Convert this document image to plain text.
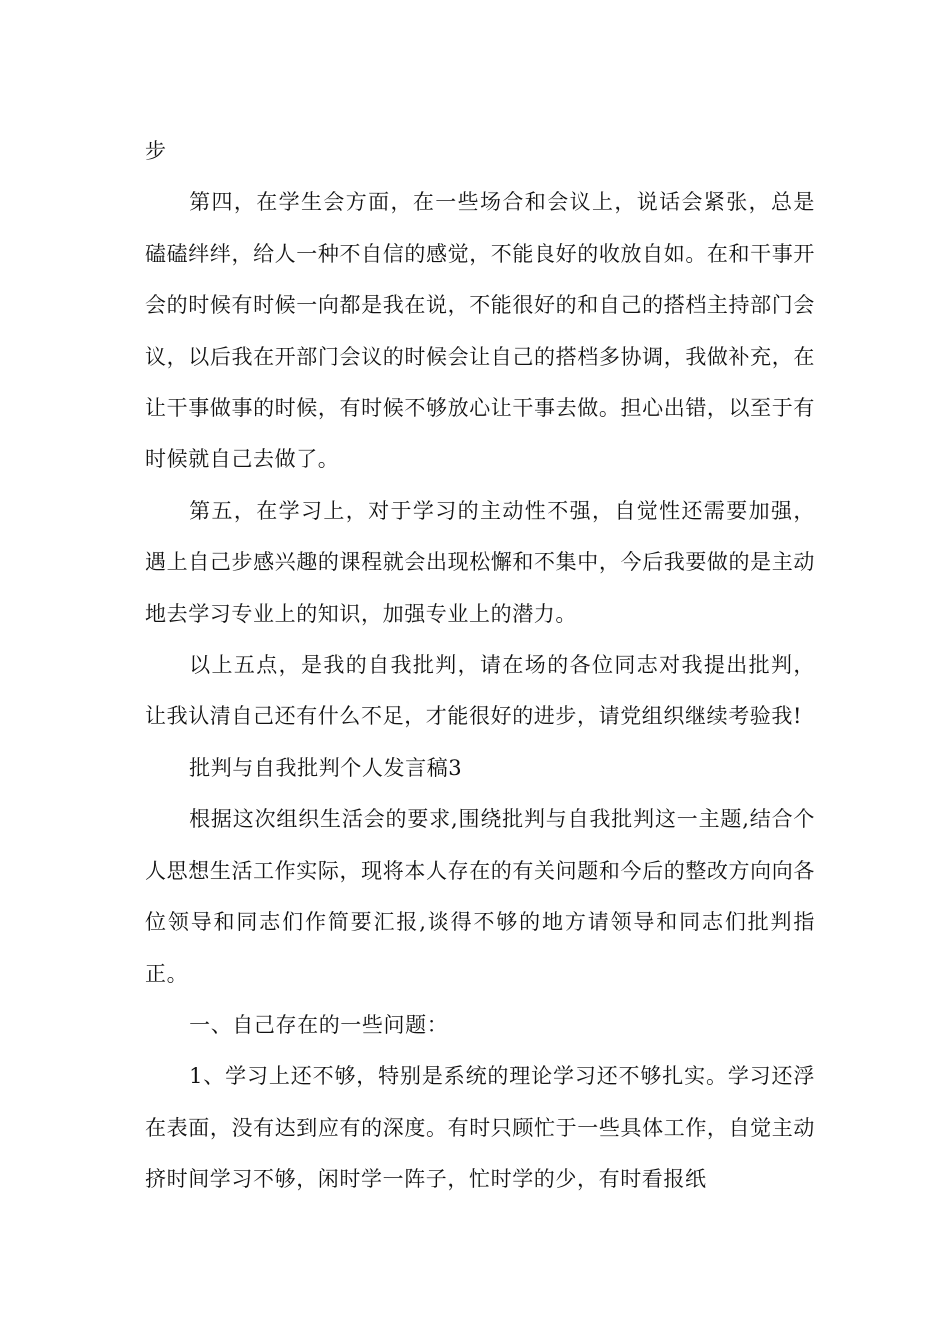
步

第四，在学生会方面，在一些场合和会议上，说话会紧张，总是磕磕绊绊，给人一种不自信的感觉，不能良好的收放自如。在和干事开会的时候有时候一向都是我在说，不能很好的和自己的搭档主持部门会议，以后我在开部门会议的时候会让自己的搭档多协调，我做补充，在让干事做事的时候，有时候不够放心让干事去做。担心出错，以至于有时候就自己去做了。

第五，在学习上，对于学习的主动性不强，自觉性还需要加强，遇上自己步感兴趣的课程就会出现松懈和不集中，今后我要做的是主动地去学习专业上的知识，加强专业上的潜力。

以上五点，是我的自我批判，请在场的各位同志对我提出批判，让我认清自己还有什么不足，才能很好的进步，请党组织继续考验我!

批判与自我批判个人发言稿3

根据这次组织生活会的要求,围绕批判与自我批判这一主题,结合个人思想生活工作实际，现将本人存在的有关问题和今后的整改方向向各位领导和同志们作简要汇报,谈得不够的地方请领导和同志们批判指正。

一、自己存在的一些问题：

1、学习上还不够，特别是系统的理论学习还不够扎实。学习还浮在表面，没有达到应有的深度。有时只顾忙于一些具体工作，自觉主动挤时间学习不够，闲时学一阵子，忙时学的少，有时看报纸
